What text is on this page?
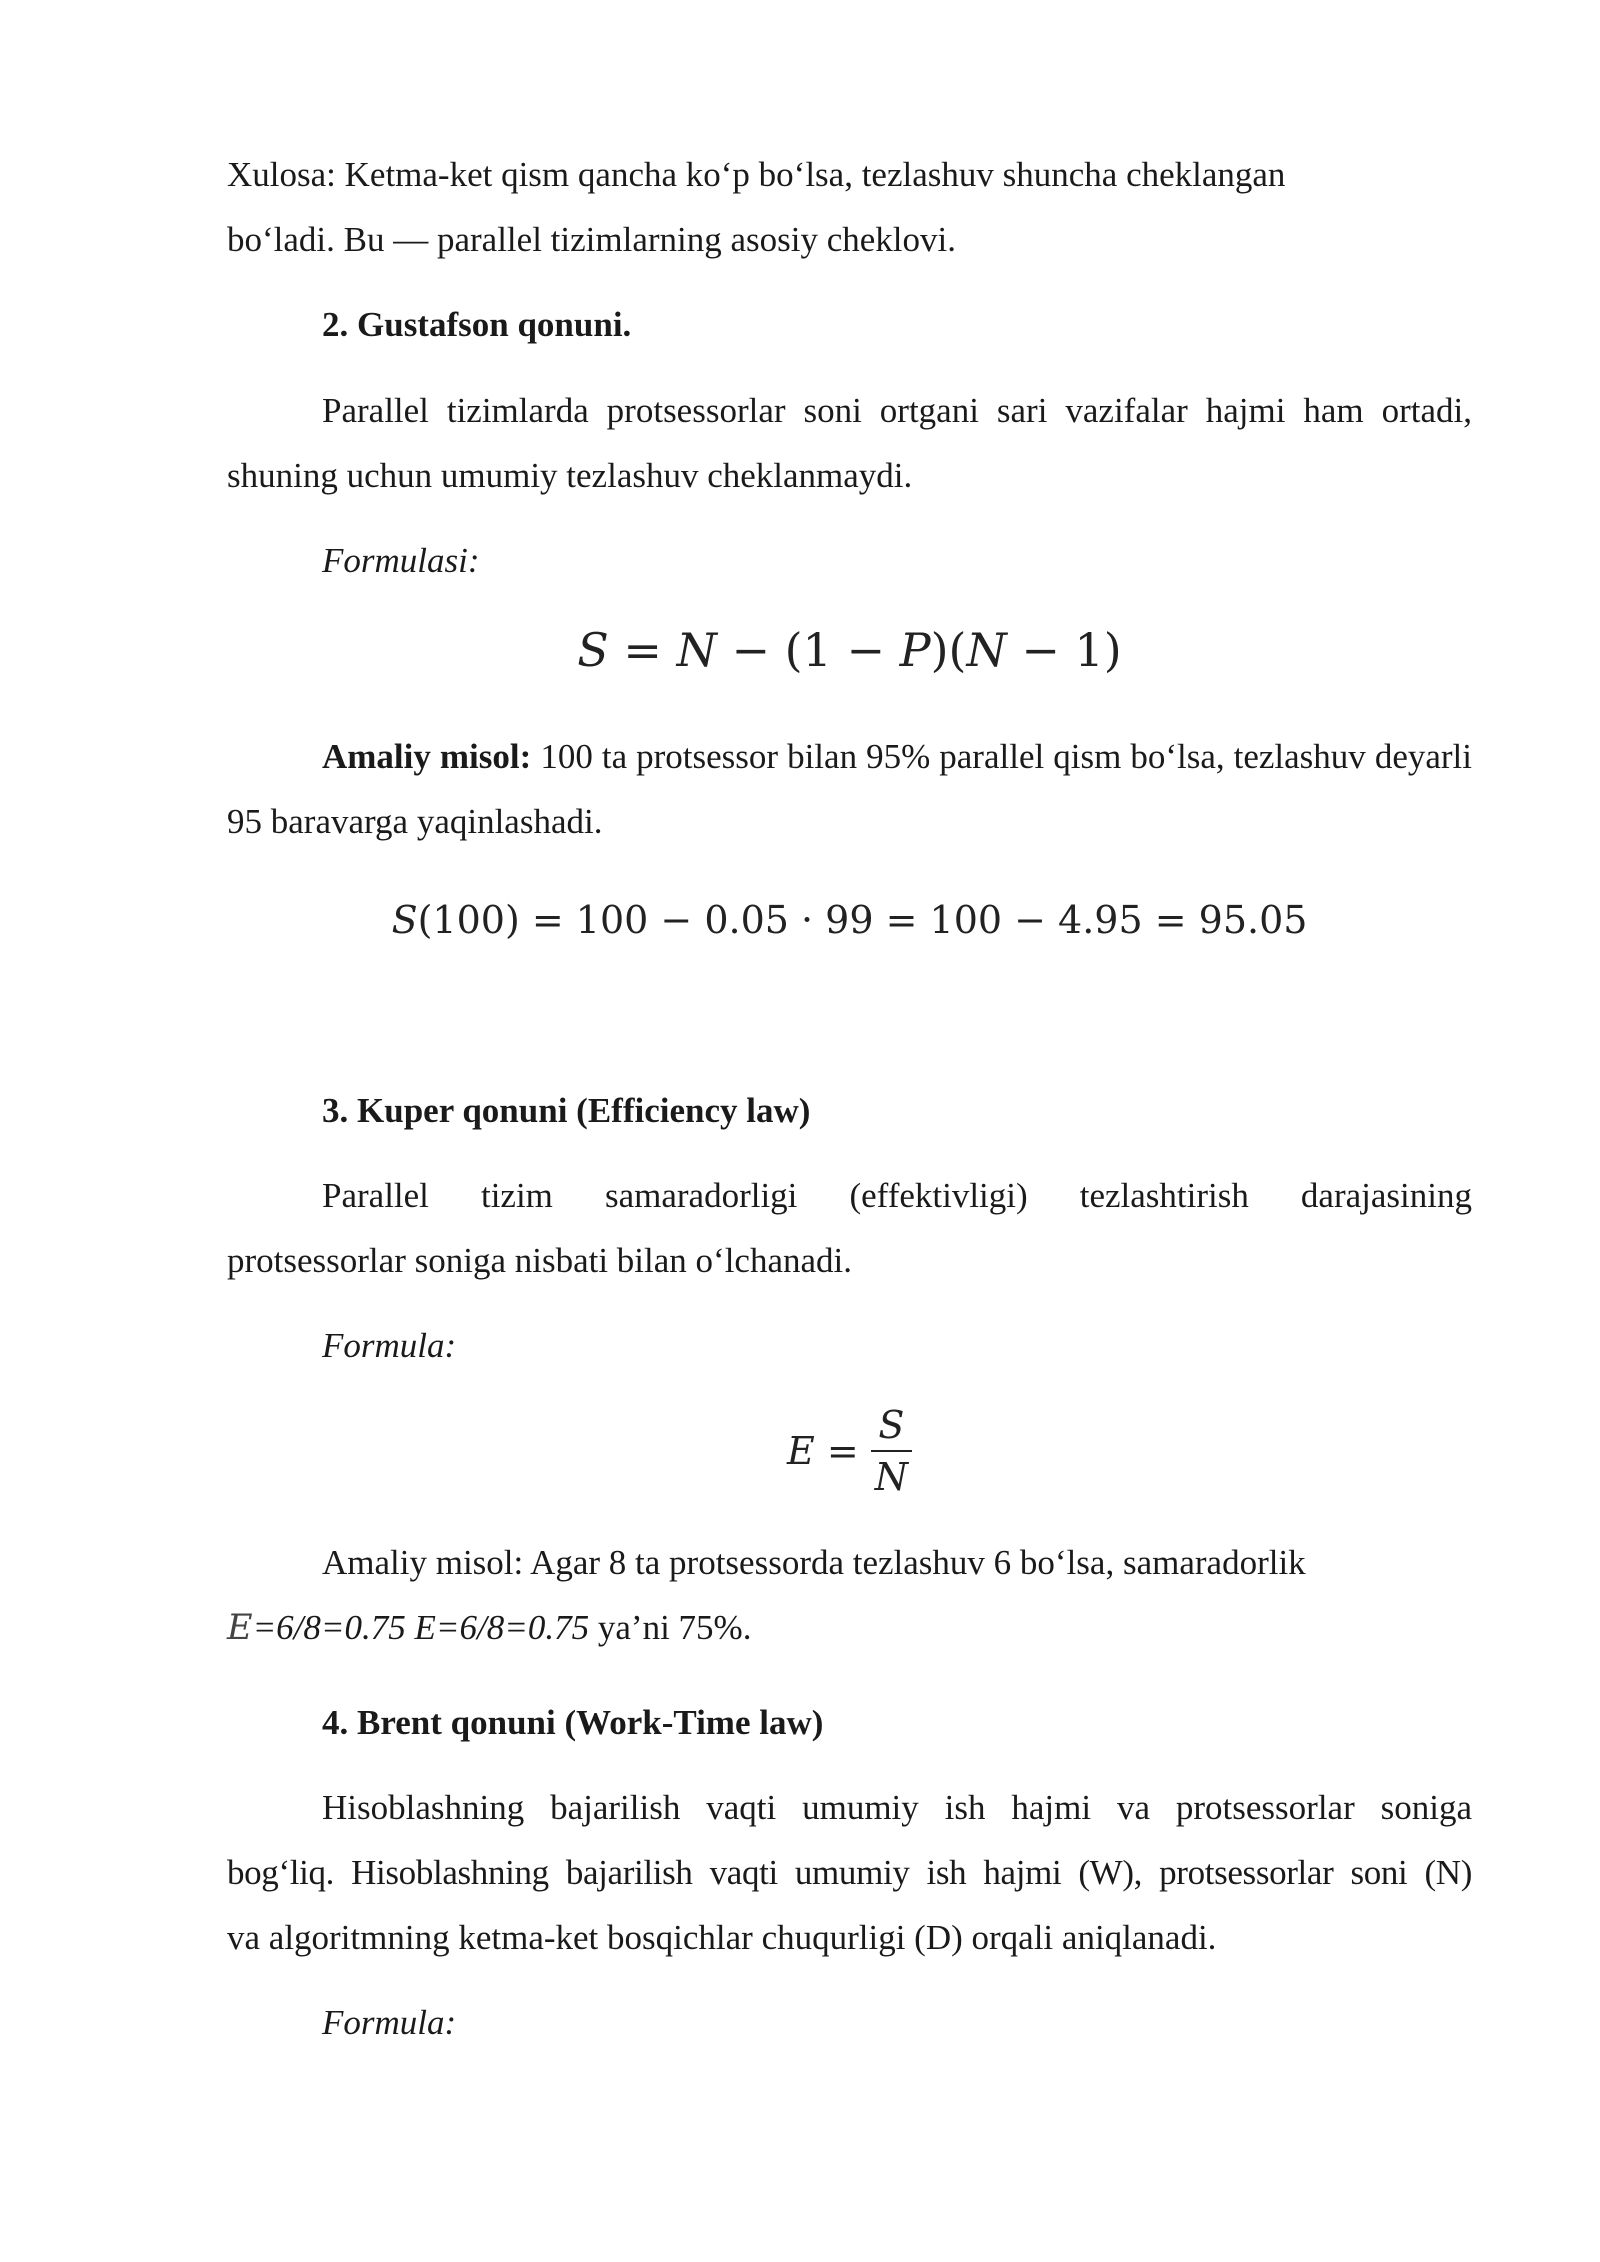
Xulosa: Ketma-ket qism qancha ko‘p bo‘lsa, tezlashuv shuncha cheklangan

bo‘ladi. Bu — parallel tizimlarning asosiy cheklovi.

2. Gustafson qonuni.

Parallel tizimlarda protsessorlar soni ortgani sari vazifalar hajmi ham ortadi, shuning uchun umumiy tezlashuv cheklanmaydi.

Formulasi:

S = N − (1 − P)(N − 1)

Amaliy misol: 100 ta protsessor bilan 95% parallel qism bo‘lsa, tezlashuv deyarli 95 baravarga yaqinlashadi.

S(100) = 100 − 0.05 · 99 = 100 − 4.95 = 95.05

3. Kuper qonuni (Efficiency law)

Parallel tizim samaradorligi (effektivligi) tezlashtirish darajasining

protsessorlar soniga nisbati bilan o‘lchanadi.

Formula:

$E = \frac{S}{N}$

Amaliy misol: Agar 8 ta protsessorda tezlashuv 6 bo‘lsa, samaradorlik

E=6/8=0.75 E=6/8=0.75 ya’ni 75%.

4. Brent qonuni (Work-Time law)

Hisoblashning bajarilish vaqti umumiy ish hajmi va protsessorlar soniga

bog‘liq. Hisoblashning bajarilish vaqti umumiy ish hajmi (W), protsessorlar soni (N)

va algoritmning ketma-ket bosqichlar chuqurligi (D) orqali aniqlanadi.

Formula:
